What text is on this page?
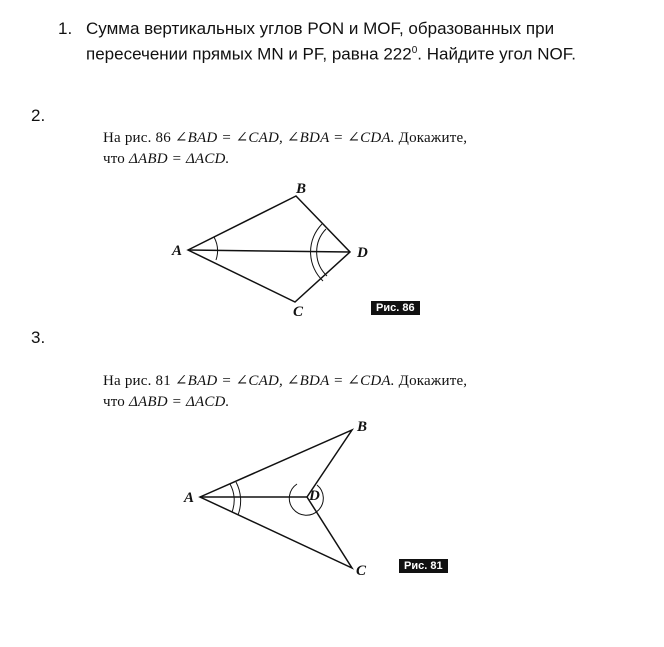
1. Сумма вертикальных углов PON и MOF, образованных при пересечении прямых MN и PF, равна $222^0$. Найдите угол NOF.
2.
На рис. 86 ∠BAD = ∠CAD, ∠BDA = ∠CDA. Докажите,
что ΔABD = ΔACD.
Рис. 86
3.
На рис. 81 ∠BAD = ∠CAD, ∠BDA = ∠CDA. Докажите,
что ΔABD = ΔACD.
Рис. 81
B
A	D
C
B
A	D
C
